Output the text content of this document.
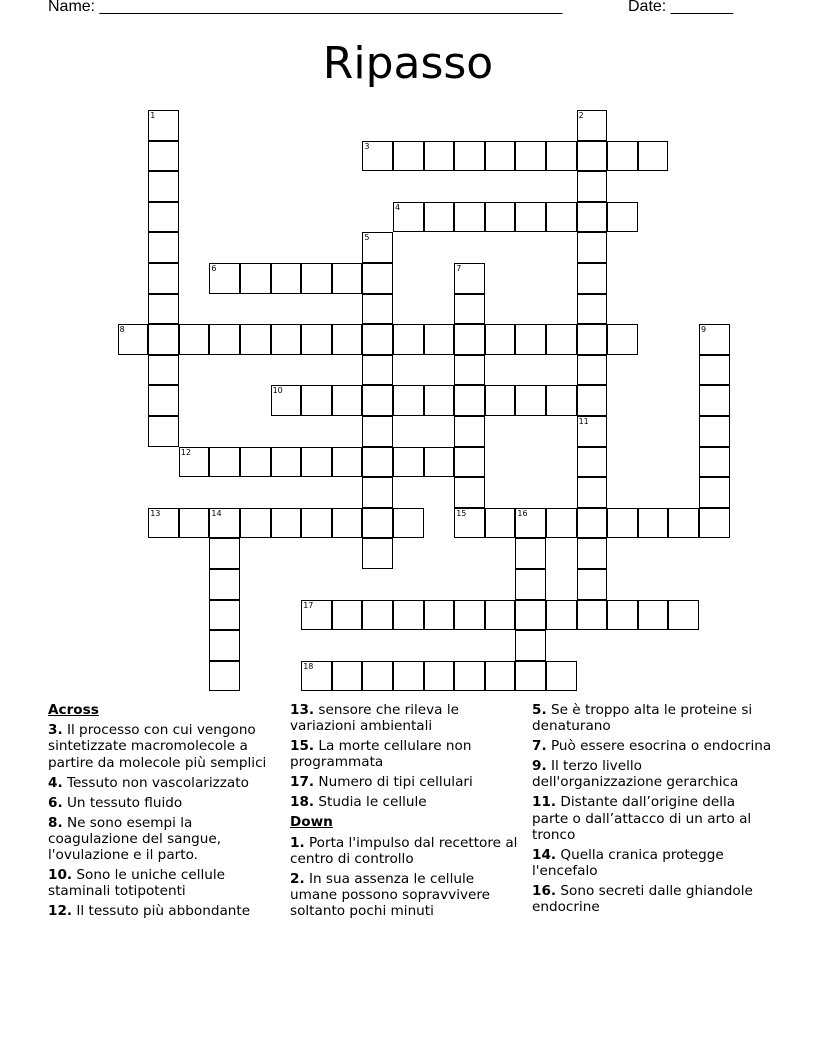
Name: ____________________________________________________	Date: _______
Ripasso
1	2
11
3
4
5
6	7
15
8	9
10
12
13	14	16
17
18
Across
3. Il processo con cui vengono sintetizzate macromolecole a partire da molecole più semplici
4. Tessuto non vascolarizzato
6. Un tessuto fluido
8. Ne sono esempi la coagulazione del sangue, l'ovulazione e il parto.
10. Sono le uniche cellule staminali totipotenti
12. Il tessuto più abbondante
13. sensore che rileva le variazioni ambientali
15. La morte cellulare non programmata
17. Numero di tipi cellulari
18. Studia le cellule
Down
1. Porta l'impulso dal recettore al centro di controllo
2. In sua assenza le cellule umane possono sopravvivere soltanto pochi minuti
5. Se è troppo alta le proteine si denaturano
7. Può essere esocrina o endocrina
9. Il terzo livello dell'organizzazione gerarchica
11. Distante dall’origine della parte o dall’attacco di un arto al tronco
14. Quella cranica protegge l'encefalo
16. Sono secreti dalle ghiandole endocrine
